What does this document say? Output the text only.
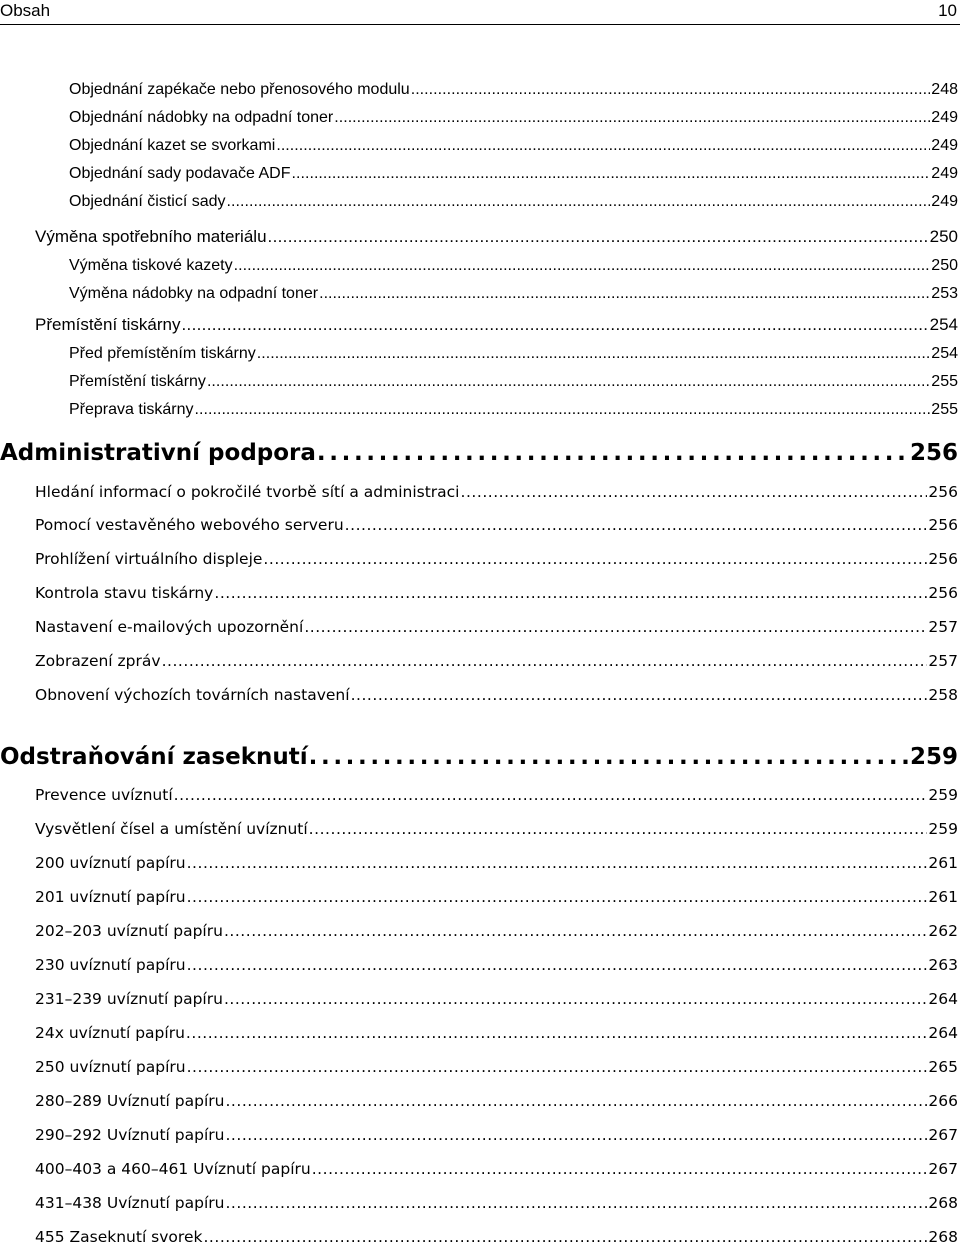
Obsah	10
Objednání zapékače nebo přenosového modulu . . .	248
Objednání nádobky na odpadní toner . . .	249
Objednání kazet se svorkami . . .	249
Objednání sady podavače ADF . . .	249
Objednání čisticí sady . . .	249
Výměna spotřebního materiálu . . .	250
Výměna tiskové kazety . . .	250
Výměna nádobky na odpadní toner . . .	253
Přemístění tiskárny . . .	254
Před přemístěním tiskárny . . .	254
Přemístění tiskárny . . .	255
Přeprava tiskárny . . .	255
Administrativní podpora . . .	256
Hledání informací o pokročilé tvorbě sítí a administraci . . .	256
Pomocí vestavěného webového serveru . . .	256
Prohlížení virtuálního displeje . . .	256
Kontrola stavu tiskárny . . .	256
Nastavení e-mailových upozornění . . .	257
Zobrazení zpráv . . .	257
Obnovení výchozích továrních nastavení . . .	258
Odstraňování zaseknutí . . .	259
Prevence uvíznutí . . .	259
Vysvětlení čísel a umístění uvíznutí . . .	259
200 uvíznutí papíru . . .	261
201 uvíznutí papíru . . .	261
202–203 uvíznutí papíru . . .	262
230 uvíznutí papíru . . .	263
231–239 uvíznutí papíru . . .	264
24x uvíznutí papíru . . .	264
250 uvíznutí papíru . . .	265
280–289 Uvíznutí papíru . . .	266
290–292 Uvíznutí papíru . . .	267
400–403 a 460–461 Uvíznutí papíru . . .	267
431–438 Uvíznutí papíru . . .	268
455 Zaseknutí svorek . . .	268
